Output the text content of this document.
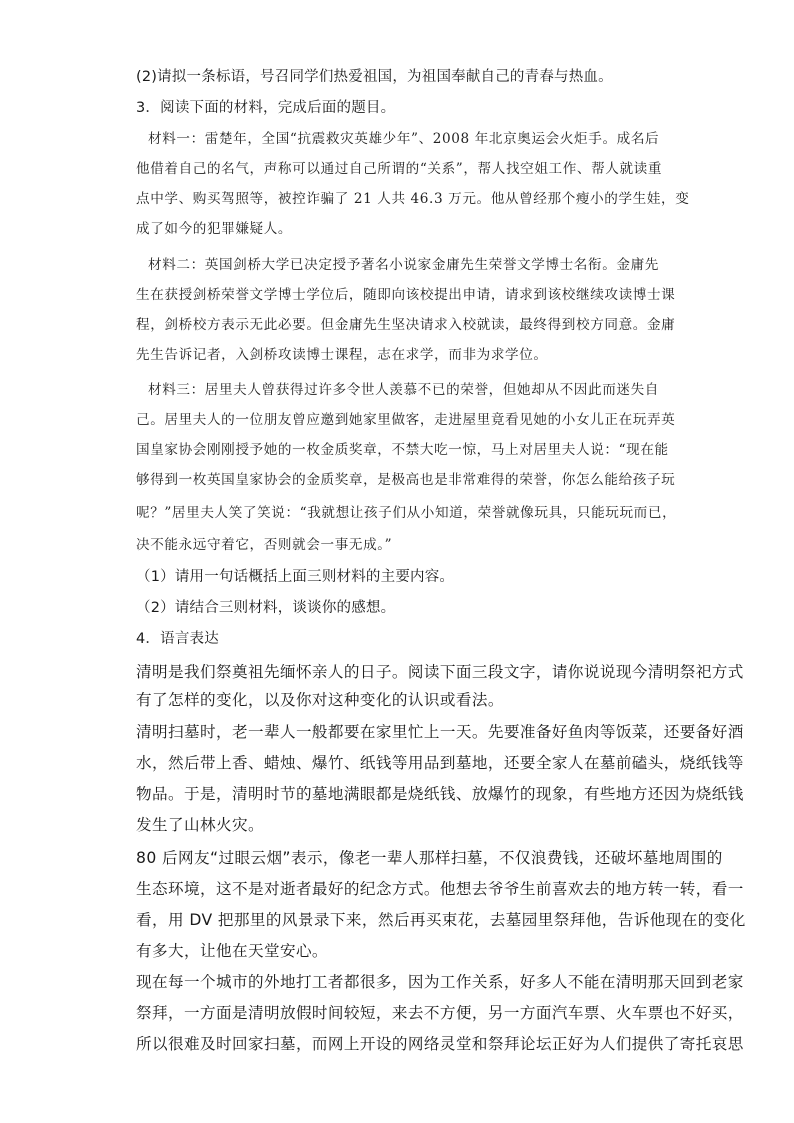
(2)请拟一条标语，号召同学们热爱祖国，为祖国奉献自己的青春与热血。
3．阅读下面的材料，完成后面的题目。
材料一：雷楚年，全国“抗震救灾英雄少年”、2008 年北京奥运会火炬手。成名后
他借着自己的名气，声称可以通过自己所谓的“关系”，帮人找空姐工作、帮人就读重
点中学、购买驾照等，被控诈骗了 21 人共 46.3 万元。他从曾经那个瘦小的学生娃，变
成了如今的犯罪嫌疑人。
材料二：英国剑桥大学已决定授予著名小说家金庸先生荣誉文学博士名衔。金庸先
生在获授剑桥荣誉文学博士学位后，随即向该校提出申请，请求到该校继续攻读博士课
程，剑桥校方表示无此必要。但金庸先生坚决请求入校就读，最终得到校方同意。金庸
先生告诉记者，入剑桥攻读博士课程，志在求学，而非为求学位。
材料三：居里夫人曾获得过许多令世人羡慕不已的荣誉，但她却从不因此而迷失自
己。居里夫人的一位朋友曾应邀到她家里做客，走进屋里竟看见她的小女儿正在玩弄英
国皇家协会刚刚授予她的一枚金质奖章，不禁大吃一惊，马上对居里夫人说：“现在能
够得到一枚英国皇家协会的金质奖章，是极高也是非常难得的荣誉，你怎么能给孩子玩
呢？”居里夫人笑了笑说：“我就想让孩子们从小知道，荣誉就像玩具，只能玩玩而已，
决不能永远守着它，否则就会一事无成。”
（1）请用一句话概括上面三则材料的主要内容。
（2）请结合三则材料，谈谈你的感想。
4．语言表达
清明是我们祭奠祖先缅怀亲人的日子。阅读下面三段文字，请你说说现今清明祭祀方式
有了怎样的变化，以及你对这种变化的认识或看法。
清明扫墓时，老一辈人一般都要在家里忙上一天。先要准备好鱼肉等饭菜，还要备好酒
水，然后带上香、蜡烛、爆竹、纸钱等用品到墓地，还要全家人在墓前磕头，烧纸钱等
物品。于是，清明时节的墓地满眼都是烧纸钱、放爆竹的现象，有些地方还因为烧纸钱
发生了山林火灾。
80 后网友“过眼云烟”表示，像老一辈人那样扫墓，不仅浪费钱，还破坏墓地周围的
生态环境，这不是对逝者最好的纪念方式。他想去爷爷生前喜欢去的地方转一转，看一
看，用 DV 把那里的风景录下来，然后再买束花，去墓园里祭拜他，告诉他现在的变化
有多大，让他在天堂安心。
现在每一个城市的外地打工者都很多，因为工作关系，好多人不能在清明那天回到老家
祭拜，一方面是清明放假时间较短，来去不方便，另一方面汽车票、火车票也不好买，
所以很难及时回家扫墓，而网上开设的网络灵堂和祭拜论坛正好为人们提供了寄托哀思
